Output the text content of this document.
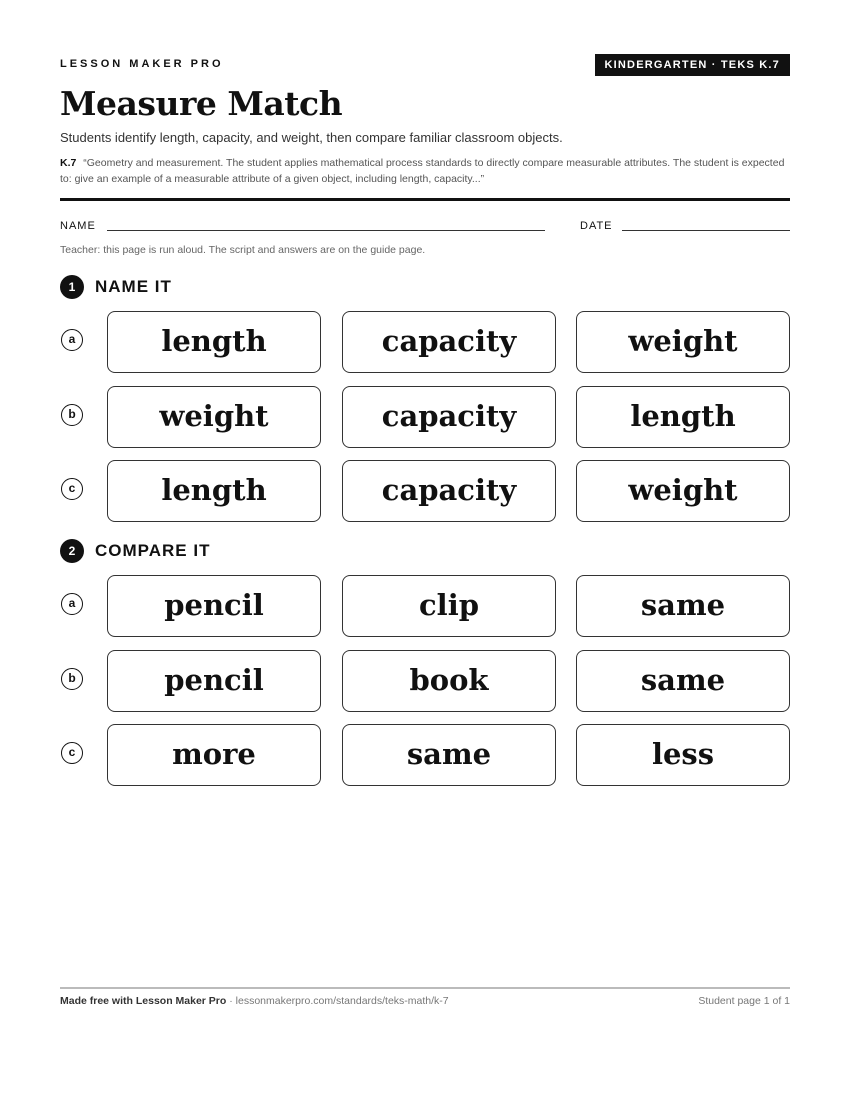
LESSON MAKER PRO	KINDERGARTEN · TEKS K.7
Measure Match
Students identify length, capacity, and weight, then compare familiar classroom objects.
K.7 “Geometry and measurement. The student applies mathematical process standards to directly compare measurable attributes. The student is expected to: give an example of a measurable attribute of a given object, including length, capacity...”
NAME	DATE
Teacher: this page is run aloud. The script and answers are on the guide page.
1	NAME IT
a	length	capacity	weight
b	weight	capacity	length
c	length	capacity	weight
2	COMPARE IT
a	pencil	clip	same
b	pencil	book	same
c	more	same	less
Made free with Lesson Maker Pro · lessonmakerpro.com/standards/teks-math/k-7	Student page 1 of 1
